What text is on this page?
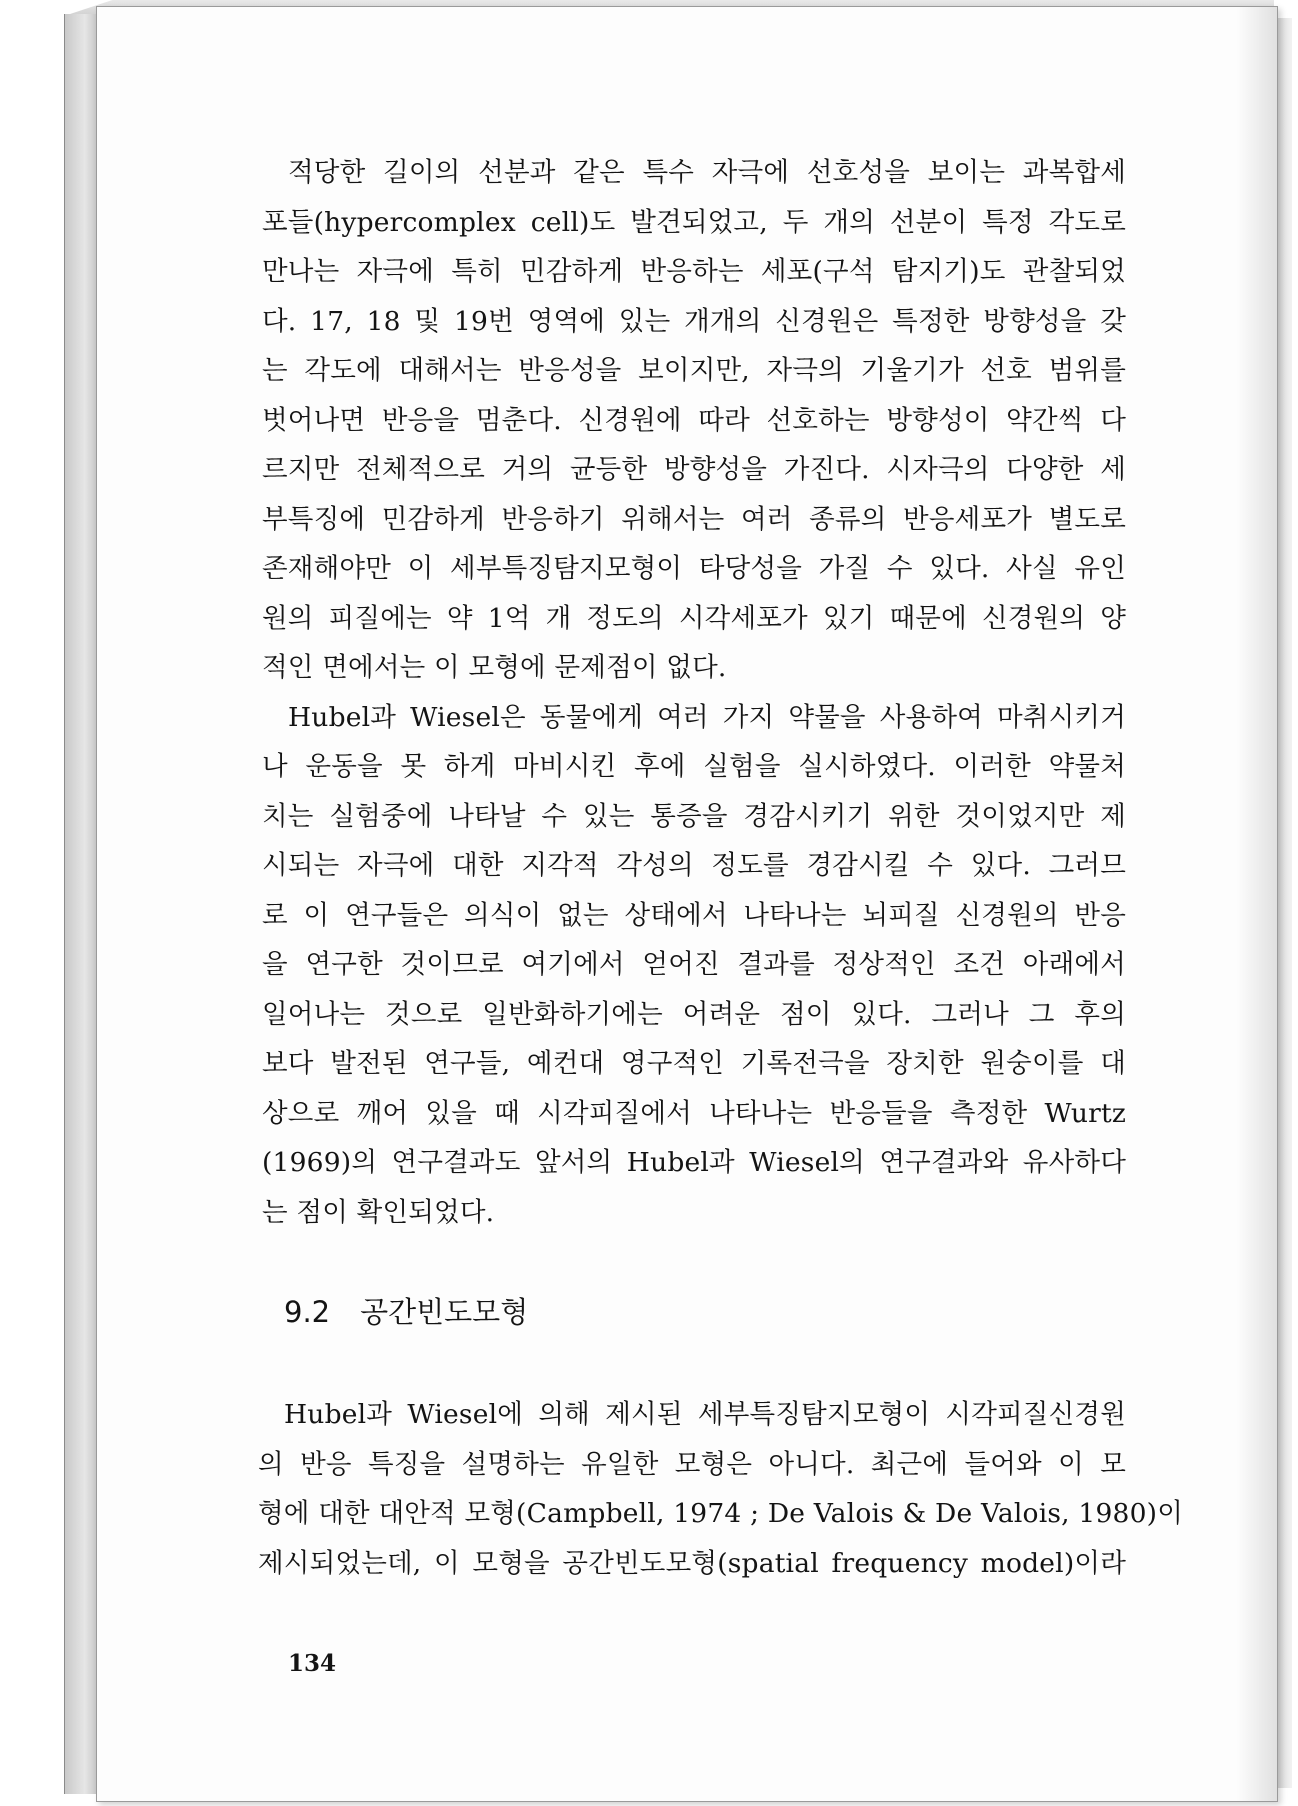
적당한 길이의 선분과 같은 특수 자극에 선호성을 보이는 과복합세
포들(hypercomplex cell)도 발견되었고, 두 개의 선분이 특정 각도로
만나는 자극에 특히 민감하게 반응하는 세포(구석 탐지기)도 관찰되었
다. 17, 18 및 19번 영역에 있는 개개의 신경원은 특정한 방향성을 갖
는 각도에 대해서는 반응성을 보이지만, 자극의 기울기가 선호 범위를
벗어나면 반응을 멈춘다. 신경원에 따라 선호하는 방향성이 약간씩 다
르지만 전체적으로 거의 균등한 방향성을 가진다. 시자극의 다양한 세
부특징에 민감하게 반응하기 위해서는 여러 종류의 반응세포가 별도로
존재해야만 이 세부특징탐지모형이 타당성을 가질 수 있다. 사실 유인
원의 피질에는 약 1억 개 정도의 시각세포가 있기 때문에 신경원의 양
적인 면에서는 이 모형에 문제점이 없다.
Hubel과 Wiesel은 동물에게 여러 가지 약물을 사용하여 마취시키거
나 운동을 못 하게 마비시킨 후에 실험을 실시하였다. 이러한 약물처
치는 실험중에 나타날 수 있는 통증을 경감시키기 위한 것이었지만 제
시되는 자극에 대한 지각적 각성의 정도를 경감시킬 수 있다. 그러므
로 이 연구들은 의식이 없는 상태에서 나타나는 뇌피질 신경원의 반응
을 연구한 것이므로 여기에서 얻어진 결과를 정상적인 조건 아래에서
일어나는 것으로 일반화하기에는 어려운 점이 있다. 그러나 그 후의
보다 발전된 연구들, 예컨대 영구적인 기록전극을 장치한 원숭이를 대
상으로 깨어 있을 때 시각피질에서 나타나는 반응들을 측정한 Wurtz
(1969)의 연구결과도 앞서의 Hubel과 Wiesel의 연구결과와 유사하다
는 점이 확인되었다.
9.2 공간빈도모형
Hubel과 Wiesel에 의해 제시된 세부특징탐지모형이 시각피질신경원
의 반응 특징을 설명하는 유일한 모형은 아니다. 최근에 들어와 이 모
형에 대한 대안적 모형(Campbell, 1974 ; De Valois & De Valois, 1980)이
제시되었는데, 이 모형을 공간빈도모형(spatial frequency model)이라
134
